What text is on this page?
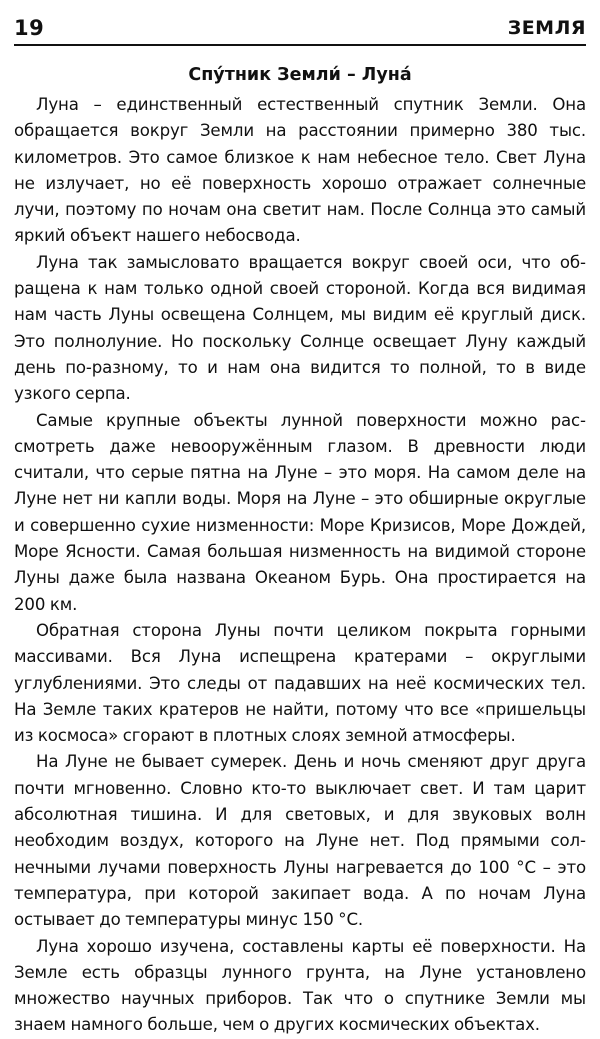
19	ЗЕМЛЯ
Спу́тник Земли́ – Луна́

Луна – единственный естественный спутник Земли. Она обращается вокруг Земли на расстоянии примерно 380 тыс. километров. Это самое близкое к нам небесное тело. Свет Луна не излучает, но её поверхность хорошо отражает солнечные лучи, поэтому по ночам она светит нам. После Солнца это самый яркий объект нашего небосвода.

Луна так замысловато вращается вокруг своей оси, что обращена к нам только одной своей стороной. Когда вся видимая нам часть Луны освещена Солнцем, мы видим её круглый диск. Это полнолуние. Но поскольку Солнце освещает Луну каждый день по-разному, то и нам она видится то полной, то в виде узкого серпа.

Самые крупные объекты лунной поверхности можно рассмотреть даже невооружённым глазом. В древности люди считали, что серые пятна на Луне – это моря. На самом деле на Луне нет ни капли воды. Моря на Луне – это обширные округлые и совершенно сухие низменности: Море Кризисов, Море Дождей, Море Ясности. Самая большая низменность на видимой стороне Луны даже была названа Океаном Бурь. Она простирается на 200 км.

Обратная сторона Луны почти целиком покрыта горными массивами. Вся Луна испещрена кратерами – округлыми углублениями. Это следы от падавших на неё космических тел. На Земле таких кратеров не найти, потому что все «пришельцы из космоса» сгорают в плотных слоях земной атмосферы.

На Луне не бывает сумерек. День и ночь сменяют друг друга почти мгновенно. Словно кто-то выключает свет. И там царит абсолютная тишина. И для световых, и для звуковых волн необходим воздух, которого на Луне нет. Под прямыми солнечными лучами поверхность Луны нагревается до 100 °С – это температура, при которой закипает вода. А по ночам Луна остывает до температуры минус 150 °С.

Луна хорошо изучена, составлены карты её поверхности. На Земле есть образцы лунного грунта, на Луне установлено множество научных приборов. Так что о спутнике Земли мы знаем намного больше, чем о других космических объектах.
